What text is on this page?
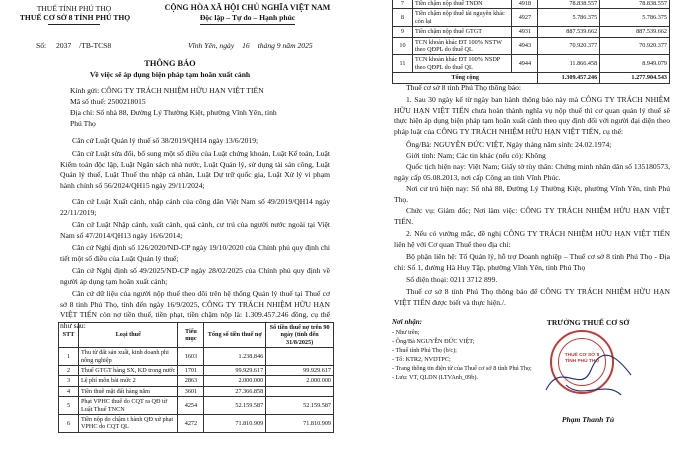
THUẾ TỈNH PHÚ THỌ
THUẾ CƠ SỞ 8 TỈNH PHÚ THỌ
Số: 2037 /TB-TCS8
CỘNG HÒA XÃ HỘI CHỦ NGHĨA VIỆT NAM
Độc lập – Tự do – Hạnh phúc
Vĩnh Yên, ngày 16 tháng 9 năm 2025
THÔNG BÁO
Về việc sẽ áp dụng biện pháp tạm hoãn xuất cảnh
Kính gửi: CÔNG TY TRÁCH NHIỆM HỮU HẠN VIỆT TIẾN
Mã số thuế: 2500218015
Địa chỉ: Số nhà 88, Đường Lý Thường Kiệt, phường Vĩnh Yên, tỉnh
Phú Thọ
Căn cứ Luật Quản lý thuế số 38/2019/QH14 ngày 13/6/2019;
Căn cứ Luật sửa đổi, bổ sung một số điều của Luật chứng khoán, Luật Kế toán, Luật Kiểm toán độc lập, Luật Ngân sách nhà nước, Luật Quản lý, sử dụng tài sản công, Luật Quản lý thuế, Luật Thuế thu nhập cá nhân, Luật Dự trữ quốc gia, Luật Xử lý vi phạm hành chính số 56/2024/QH15 ngày 29/11/2024;
Căn cứ Luật Xuất cảnh, nhập cảnh của công dân Việt Nam số 49/2019/QH14 ngày 22/11/2019;
Căn cứ Luật Nhập cảnh, xuất cảnh, quá cảnh, cư trú của người nước ngoài tại Việt Nam số 47/2014/QH13 ngày 16/6/2014;
Căn cứ Nghị định số 126/2020/ND-CP ngày 19/10/2020 của Chính phủ quy định chi tiết một số điều của Luật Quản lý thuế;
Căn cứ Nghị định số 49/2025/ND-CP ngày 28/02/2025 của Chính phủ quy định về người áp dụng tạm hoãn xuất cảnh;
Căn cứ dữ liệu của người nộp thuế theo dõi trên hệ thống Quản lý thuế tại Thuế cơ sở 8 tỉnh Phú Thọ, tính đến ngày 16/9/2025, CÔNG TY TRÁCH NHIỆM HỮU HẠN VIỆT TIẾN còn nợ tiền thuế, tiền phạt, tiền chậm nộp là: 1.309.457.246 đồng, cụ thể như sau:
STT	Loại thuế	Tiểu mục	Tổng số tiền thuế nợ	Số tiền thuế nợ trên 90 ngày (tính đến 31/8/2025)
1	Thu từ đất sản xuất, kinh doanh phi nông nghiệp	1603	1.238.846	
2	Thuế GTGT hàng SX, KD trong nước	1701	99.929.617	99.929.617
3	Lệ phí môn bài mức 2	2863	2.000.000	2.000.000
4	Tiền thuê mặt đất hàng năm	3601	27.366.858	
5	Phạt VPHC thuế do CQT ra QĐ từ Luật Thuế TNCN	4254	52.159.587	52.159.587
6	Tiền nộp do chậm t hành QĐ xử phạt VPHC do CQT QL	4272	71.810.909	71.810.909
7	Tiền chậm nộp thuế TNDN	4918	78.838.557	78.838.557
8	Tiền chậm nộp thuế tài nguyên khác còn lại	4927	5.786.375	5.786.375
9	Tiền chậm nộp thuế GTGT	4931	887.539.662	887.539.662
10	TCN khoản khác ĐT 100% NSTW theo QĐPL do thuế QL	4943	70.920.377	70.920.377
11	TCN khoản khác ĐT 100% NSDP theo QĐPL do thuế QL	4944	11.866.458	8.949.079
Tổng cộng			1.309.457.246	1.277.904.543
Thuế cơ sở 8 tỉnh Phú Thọ thông báo:
1. Sau 30 ngày kể từ ngày ban hành thông báo này mà CÔNG TY TRÁCH NHIỆM HỮU HẠN VIỆT TIẾN chưa hoàn thành nghĩa vụ nộp thuế thì cơ quan quản lý thuế sẽ thực hiện áp dụng biện pháp tạm hoãn xuất cảnh theo quy định đối với người đại diện theo pháp luật của CÔNG TY TRÁCH NHIỆM HỮU HẠN VIỆT TIẾN, cụ thể:
Ông/Bà: NGUYỄN ĐỨC VIỆT, Ngày tháng năm sinh: 24.02.1974;
Giới tính: Nam; Các tin khác (nếu có): Không
Quốc tịch hiện nay: Việt Nam; Giấy tờ tùy thân: Chứng minh nhân dân số 135180573, ngày cấp 05.08.2013, nơi cấp Công an tỉnh Vĩnh Phúc.
Nơi cư trú hiện nay: Số nhà 88, Đường Lý Thường Kiệt, phường Vĩnh Yên, tỉnh Phú Thọ.
Chức vụ: Giám đốc; Nơi làm việc: CÔNG TY TRÁCH NHIỆM HỮU HẠN VIỆT TIẾN.
2. Nếu có vướng mắc, đề nghị CÔNG TY TRÁCH NHIỆM HỮU HẠN VIỆT TIẾN liên hệ với Cơ quan Thuế theo địa chỉ:
Bộ phận liên hệ: Tổ Quản lý, hỗ trợ Doanh nghiệp – Thuế cơ sở 8 tỉnh Phú Thọ - Địa chỉ: Số 1, đường Hà Huy Tập, phường Vĩnh Yên, tỉnh Phú Thọ
Số điện thoại: 0211 3712 899.
Thuế cơ sở 8 tỉnh Phú Thọ thông báo để CÔNG TY TRÁCH NHIỆM HỮU HẠN VIỆT TIẾN được biết và thực hiện./.
Nơi nhận:
- Như trên;
- Ông/Bà NGUYỄN ĐỨC VIỆT;
- Thuế tỉnh Phú Thọ (b/c);
- Tổ: KTR2, NVDTPC;
- Trang thông tin điện tử của Thuế cơ sở 8 tỉnh Phú Thọ;
- Lưu: VT, QLDN (LTVAnh_09b).
TRƯỞNG THUẾ CƠ SỞ
THUẾ CƠ SỞ 8 TỈNH PHÚ THỌ
Phạm Thanh Tú
